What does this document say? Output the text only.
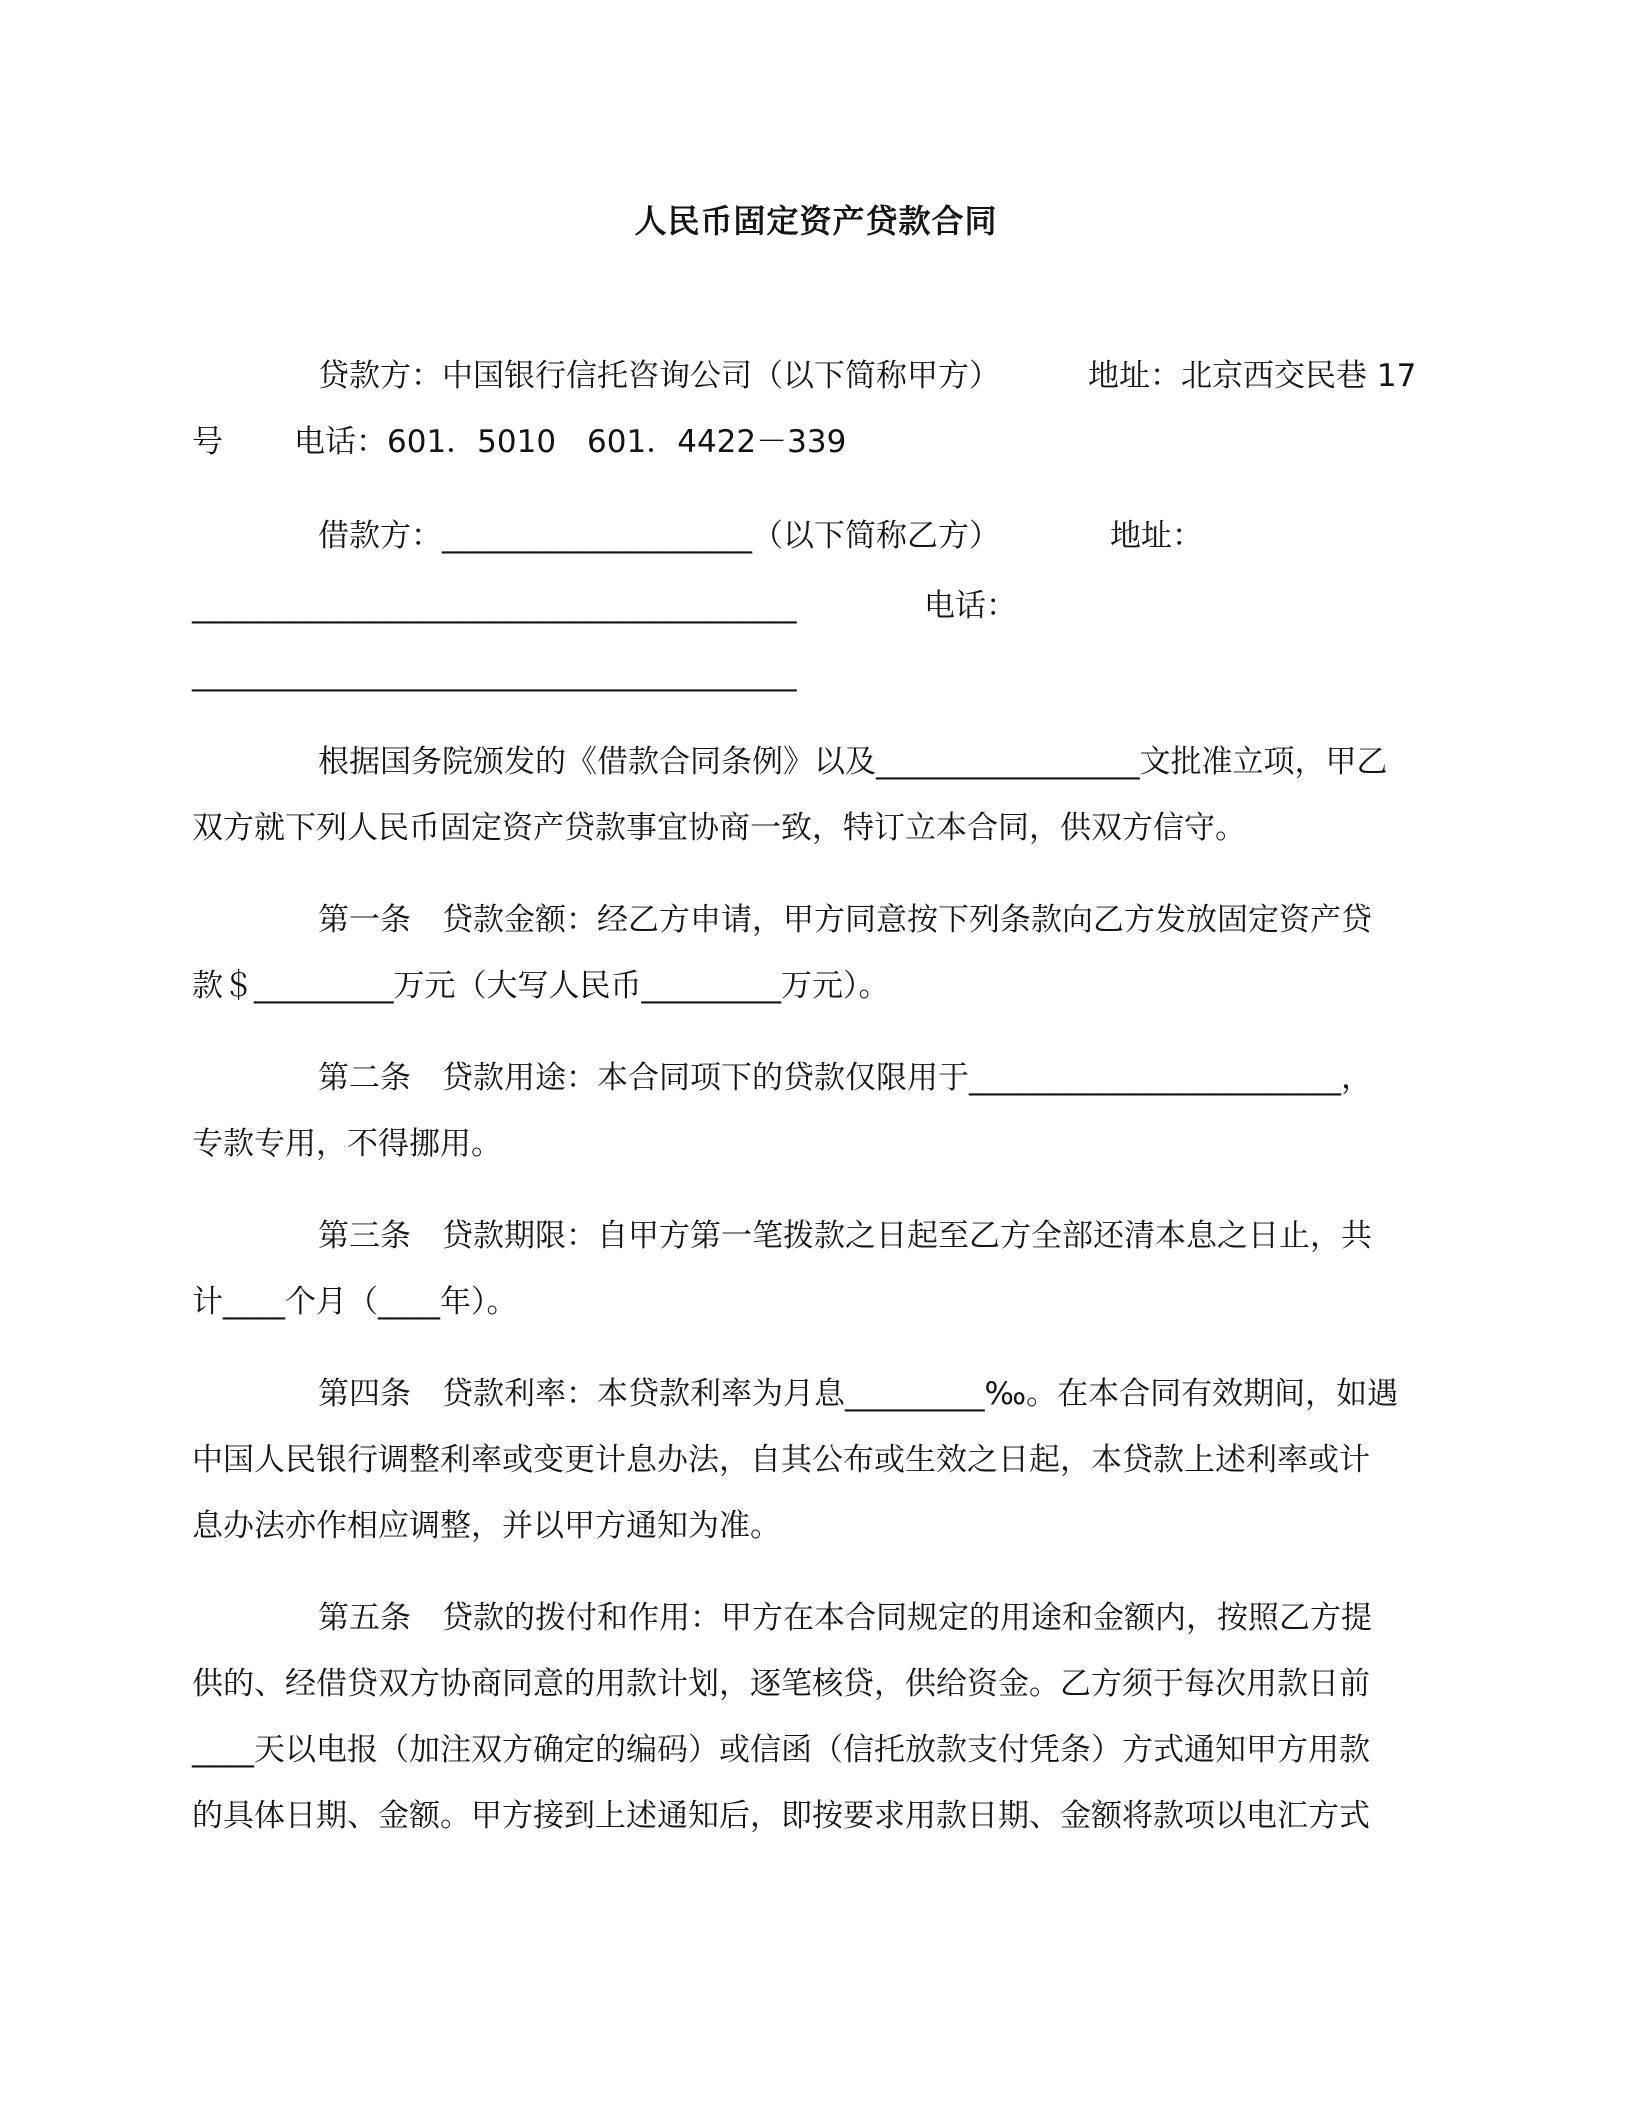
人民币固定资产贷款合同

贷款方：中国银行信托咨询公司（以下简称甲方）	地址：北京西交民巷 17

号 电话：601．5010　601．4422－339

借款方：____________________（以下简称乙方）	地址：

_______________________________________	电话：

_______________________________________

根据国务院颁发的《借款合同条例》以及_________________文批准立项，甲乙

双方就下列人民币固定资产贷款事宜协商一致，特订立本合同，供双方信守。

第一条　贷款金额：经乙方申请，甲方同意按下列条款向乙方发放固定资产贷

款＄_________万元（大写人民币_________万元）。

第二条　贷款用途：本合同项下的贷款仅限用于________________________，

专款专用，不得挪用。

第三条　贷款期限：自甲方第一笔拨款之日起至乙方全部还清本息之日止，共

计____个月（____年）。

第四条　贷款利率：本贷款利率为月息_________‰。在本合同有效期间，如遇

中国人民银行调整利率或变更计息办法，自其公布或生效之日起，本贷款上述利率或计

息办法亦作相应调整，并以甲方通知为准。

第五条　贷款的拨付和作用：甲方在本合同规定的用途和金额内，按照乙方提

供的、经借贷双方协商同意的用款计划，逐笔核贷，供给资金。乙方须于每次用款日前

____天以电报（加注双方确定的编码）或信函（信托放款支付凭条）方式通知甲方用款

的具体日期、金额。甲方接到上述通知后，即按要求用款日期、金额将款项以电汇方式
